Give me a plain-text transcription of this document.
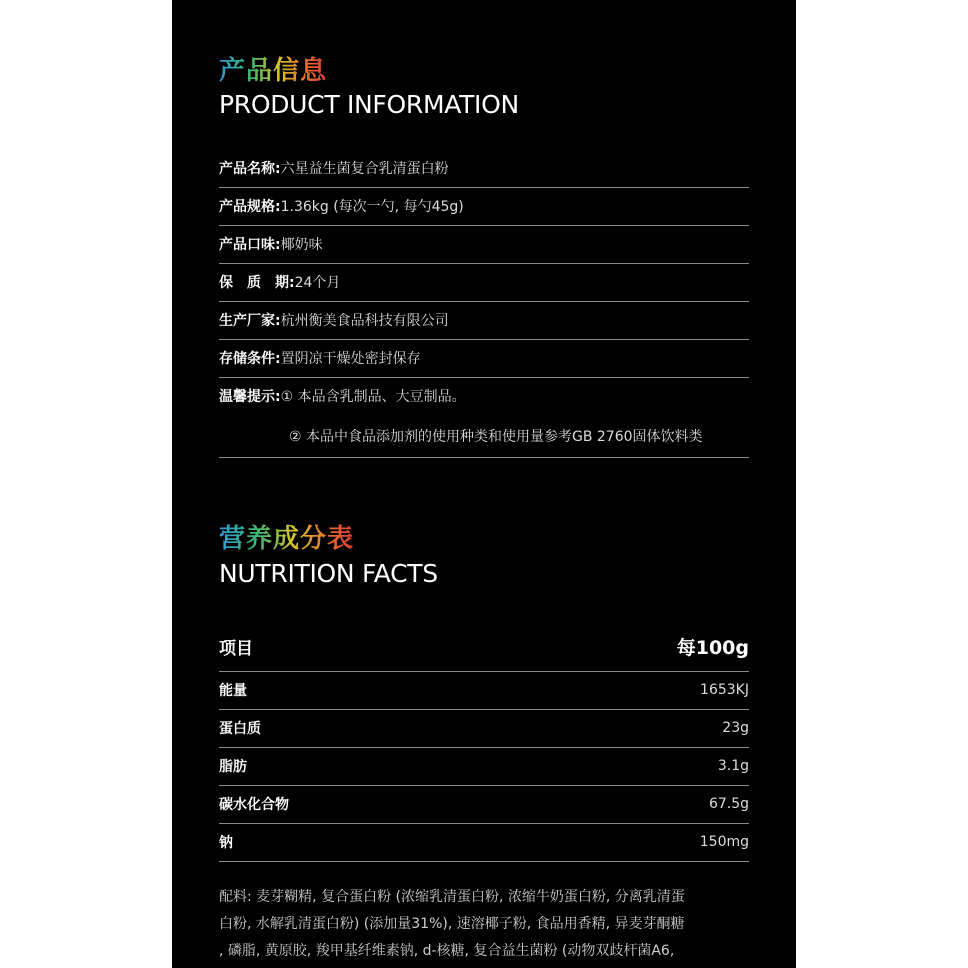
产品信息
PRODUCT INFORMATION
产品名称: 六星益生菌复合乳清蛋白粉
产品规格: 1.36kg (每次一勺, 每勺45g)
产品口味: 椰奶味
保　质　期: 24个月
生产厂家: 杭州衡美食品科技有限公司
存储条件: 置阴凉干燥处密封保存
温馨提示: ① 本品含乳制品、大豆制品。
② 本品中食品添加剂的使用种类和使用量参考GB 2760固体饮料类
营养成分表
NUTRITION FACTS
项目	每100g
能量	1653KJ
蛋白质	23g
脂肪	3.1g
碳水化合物	67.5g
钠	150mg
配料: 麦芽糊精, 复合蛋白粉 (浓缩乳清蛋白粉, 浓缩牛奶蛋白粉, 分离乳清蛋
白粉, 水解乳清蛋白粉) (添加量31%), 速溶椰子粉, 食品用香精, 异麦芽酮糖
, 磷脂, 黄原胶, 羧甲基纤维素钠, d-核糖, 复合益生菌粉 (动物双歧杆菌A6,
